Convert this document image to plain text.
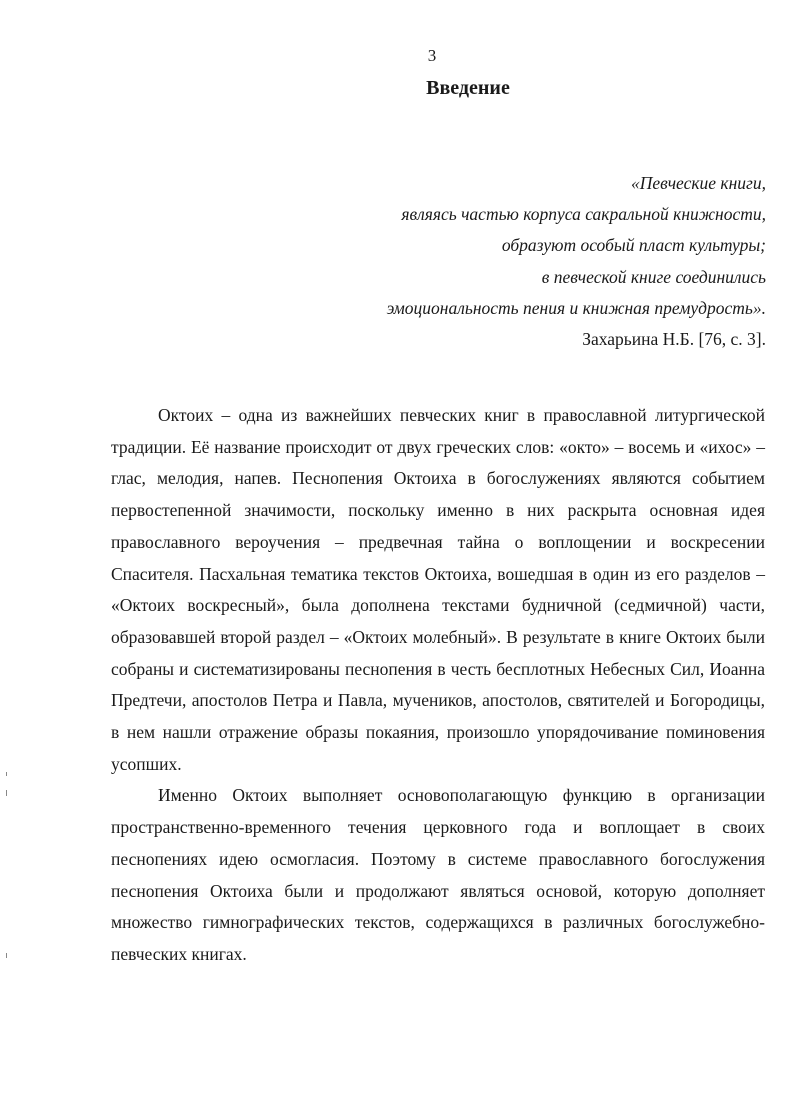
3
Введение
«Певческие книги,
являясь частью корпуса сакральной книжности,
образуют особый пласт культуры;
в певческой книге соединились
эмоциональность пения и книжная премудрость».
Захарьина Н.Б. [76, с. 3].

Октоих – одна из важнейших певческих книг в православной литургической традиции. Её название происходит от двух греческих слов: «окто» – восемь и «ихос» – глас, мелодия, напев. Песнопения Октоиха в богослужениях являются событием первостепенной значимости, поскольку именно в них раскрыта основная идея православного вероучения – предвечная тайна о воплощении и воскресении Спасителя. Пасхальная тематика текстов Октоиха, вошедшая в один из его разделов – «Октоих воскресный», была дополнена текстами будничной (седмичной) части, образовавшей второй раздел – «Октоих молебный». В результате в книге Октоих были собраны и систематизированы песнопения в честь бесплотных Небесных Сил, Иоанна Предтечи, апостолов Петра и Павла, мучеников, апостолов, святителей и Богородицы, в нем нашли отражение образы покаяния, произошло упорядочивание поминовения усопших.

Именно Октоих выполняет основополагающую функцию в организации пространственно-временного течения церковного года и воплощает в своих песнопениях идею осмогласия. Поэтому в системе православного богослужения песнопения Октоиха были и продолжают являться основой, которую дополняет множество гимнографических текстов, содержащихся в различных богослужебно-певческих книгах.
